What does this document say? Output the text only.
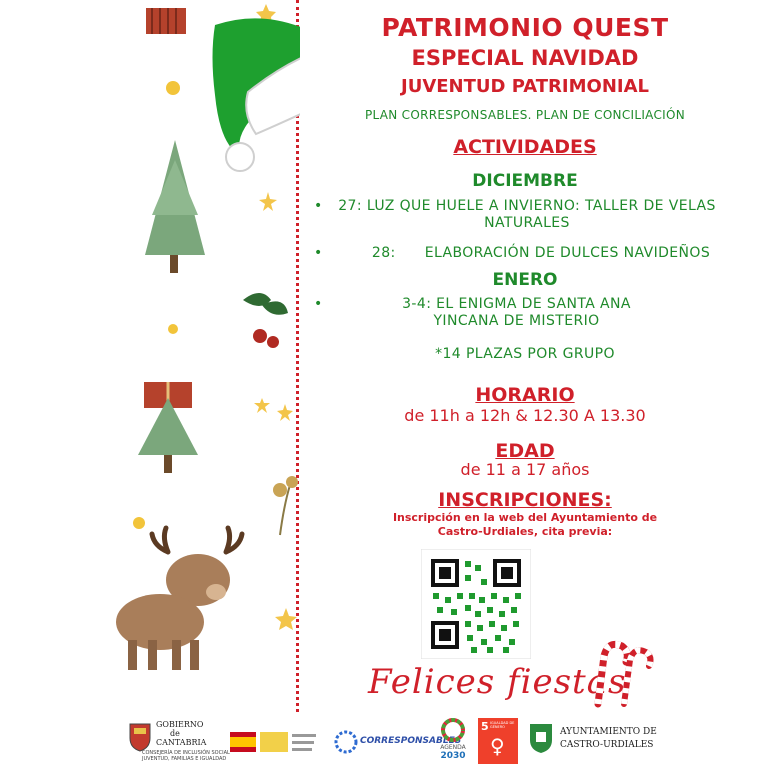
PATRIMONIO QUEST
ESPECIAL NAVIDAD
JUVENTUD PATRIMONIAL
PLAN CORRESPONSABLES. PLAN DE CONCILIACIÓN
ACTIVIDADES
DICIEMBRE
•	27: LUZ QUE HUELE A INVIERNO: TALLER DE VELAS NATURALES
•	28:      ELABORACIÓN DE DULCES NAVIDEÑOS
ENERO
•	3-4: EL ENIGMA DE SANTA ANA YINCANA DE MISTERIO
*14 PLAZAS POR GRUPO
HORARIO
de 11h a 12h & 12.30 A 13.30
EDAD
de 11 a 17 años
INSCRIPCIONES:
Inscripción en la web del Ayuntamiento de
Castro-Urdiales, cita previa:
Felices fiestas
GOBIERNO
de
CANTABRIA
CONSEJERÍA DE INCLUSIÓN SOCIAL
JUVENTUD, FAMILIAS E IGUALDAD
CORRESPONSABLES
AGENDA
2030
5 IGUALDAD DE GÉNERO
♀
AYUNTAMIENTO DE
CASTRO-URDIALES
